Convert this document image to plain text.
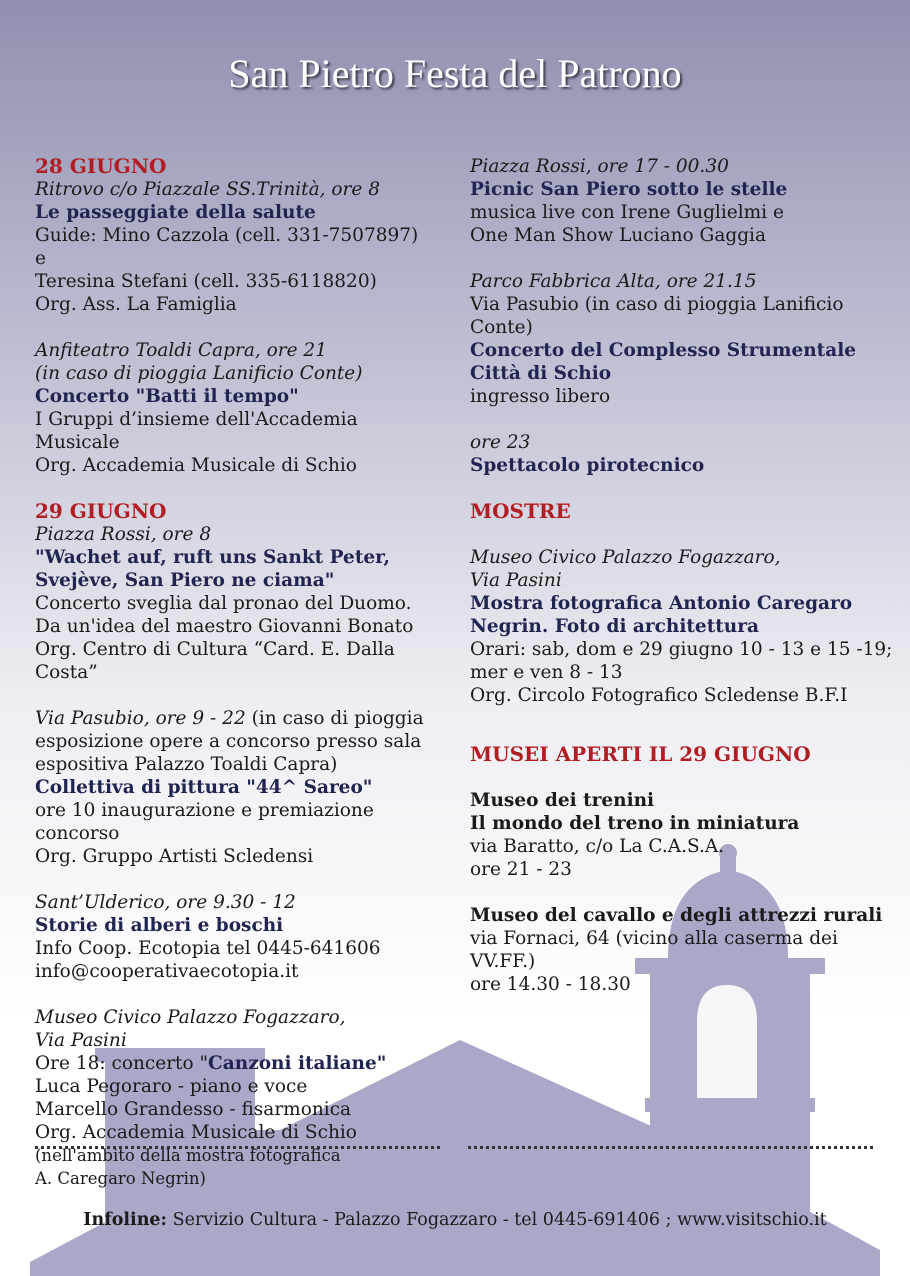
San Pietro Festa del Patrono
28 GIUGNO
Ritrovo c/o Piazzale SS.Trinità, ore 8
Le passeggiate della salute
Guide: Mino Cazzola (cell. 331-7507897) e
Teresina Stefani (cell. 335-6118820)
Org. Ass. La Famiglia
Anfiteatro Toaldi Capra, ore 21
(in caso di pioggia Lanificio Conte)
Concerto "Batti il tempo"
I Gruppi d’insieme dell'Accademia Musicale
Org. Accademia Musicale di Schio
29 GIUGNO
Piazza Rossi, ore 8
"Wachet auf, ruft uns Sankt Peter,
Svejève, San Piero ne ciama"
Concerto sveglia dal pronao del Duomo.
Da un'idea del maestro Giovanni Bonato
Org. Centro di Cultura “Card. E. Dalla Costa”
Via Pasubio, ore 9 - 22 (in caso di pioggia
esposizione opere a concorso presso sala
espositiva Palazzo Toaldi Capra)
Collettiva di pittura "44^ Sareo"
ore 10 inaugurazione e premiazione
concorso
Org. Gruppo Artisti Scledensi
Sant’Ulderico, ore 9.30 - 12
Storie di alberi e boschi
Info Coop. Ecotopia tel 0445-641606
info@cooperativaecotopia.it
Museo Civico Palazzo Fogazzaro,
Via Pasini
Ore 18: concerto "Canzoni italiane"
Luca Pegoraro - piano e voce
Marcello Grandesso - fisarmonica
Org. Accademia Musicale di Schio
(nell'ambito della mostra fotografica
A. Caregaro Negrin)
Piazza Rossi, ore 17 - 00.30
Picnic San Piero sotto le stelle
musica live con Irene Guglielmi e
One Man Show Luciano Gaggia
Parco Fabbrica Alta, ore 21.15
Via Pasubio (in caso di pioggia Lanificio
Conte)
Concerto del Complesso Strumentale
Città di Schio
ingresso libero
ore 23
Spettacolo pirotecnico
MOSTRE
Museo Civico Palazzo Fogazzaro,
Via Pasini
Mostra fotografica Antonio Caregaro
Negrin. Foto di architettura
Orari: sab, dom e 29 giugno 10 - 13 e 15 -19;
mer e ven 8 - 13
Org. Circolo Fotografico Scledense B.F.I
MUSEI APERTI IL 29 GIUGNO
Museo dei trenini
Il mondo del treno in miniatura
via Baratto, c/o La C.A.S.A.
ore 21 - 23
Museo del cavallo e degli attrezzi rurali
via Fornaci, 64 (vicino alla caserma dei
VV.FF.)
ore 14.30 - 18.30
Infoline: Servizio Cultura - Palazzo Fogazzaro - tel 0445-691406 ; www.visitschio.it
